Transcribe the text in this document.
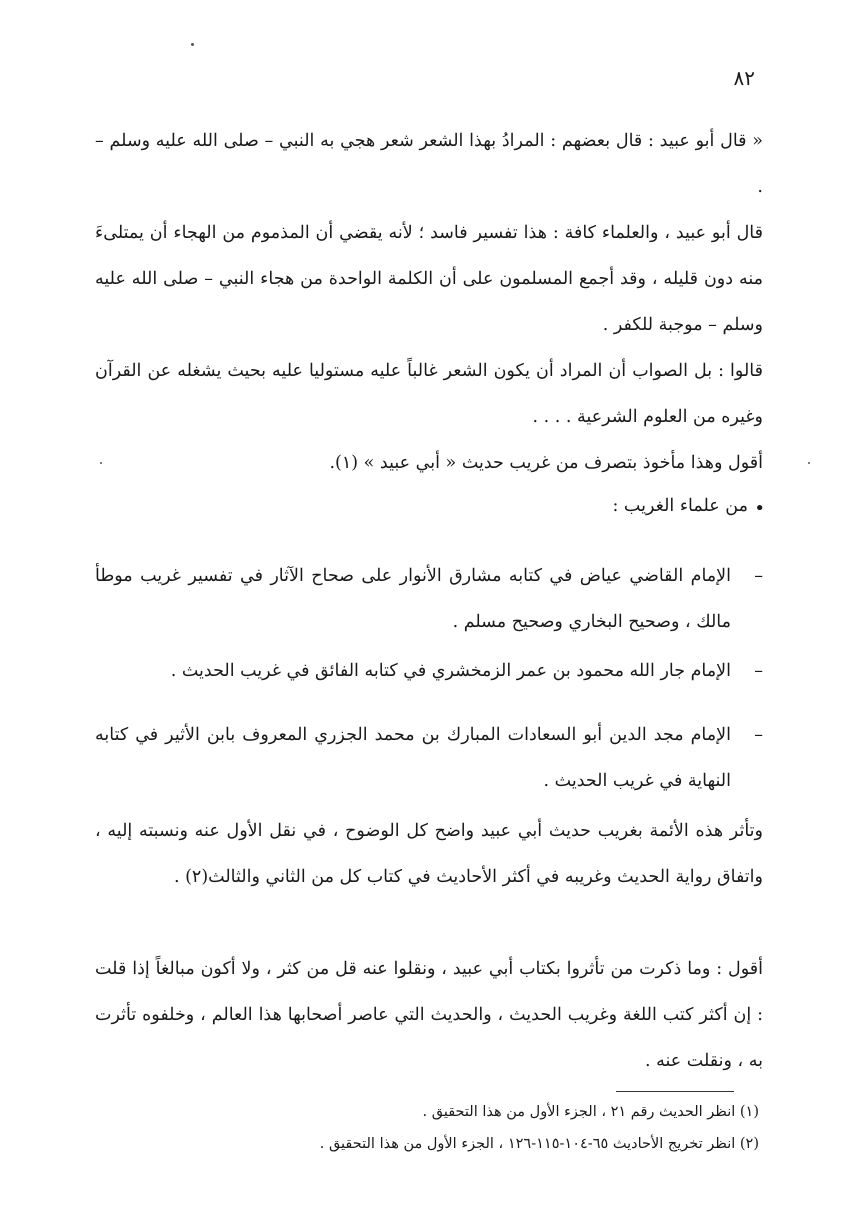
٨٢
« قال أبو عبيد : قال بعضهم : المرادُ بهذا الشعر شعر هجي به النبي – صلى الله عليه وسلم – .
قال أبو عبيد ، والعلماء كافة : هذا تفسير فاسد ؛ لأنه يقضي أن المذموم من الهجاء أن يمتلىءَ منه دون قليله ، وقد أجمع المسلمون على أن الكلمة الواحدة من هجاء النبي – صلى الله عليه وسلم – موجبة للكفر .
قالوا : بل الصواب أن المراد أن يكون الشعر غالباً عليه مستوليا عليه بحيث يشغله عن القرآن وغيره من العلوم الشرعية . . . .
أقول وهذا مأخوذ بتصرف من غريب حديث « أبي عبيد » (١).
•
من علماء الغريب :
–
الإمام القاضي عياض في كتابه مشارق الأنوار على صحاح الآثار في تفسير غريب موطأ مالك ، وصحيح البخاري وصحيح مسلم .
–
الإمام جار الله محمود بن عمر الزمخشري في كتابه الفائق في غريب الحديث .
–
الإمام مجد الدين أبو السعادات المبارك بن محمد الجزري المعروف بابن الأثير في كتابه النهاية في غريب الحديث .
وتأثر هذه الأئمة بغريب حديث أبي عبيد واضح كل الوضوح ، في نقل الأول عنه ونسبته إليه ، واتفاق رواية الحديث وغريبه في أكثر الأحاديث في كتاب كل من الثاني والثالث(٢) .
أقول : وما ذكرت من تأثروا بكتاب أبي عبيد ، ونقلوا عنه قل من كثر ، ولا أكون مبالغاً إذا قلت : إن أكثر كتب اللغة وغريب الحديث ، والحديث التي عاصر أصحابها هذا العالم ، وخلفوه تأثرت به ، ونقلت عنه .
(١) انظر الحديث رقم ٢١ ، الجزء الأول من هذا التحقيق .
(٢) انظر تخريج الأحاديث ٦٥-١٠٤-١١٥-١٢٦ ، الجزء الأول من هذا التحقيق .
